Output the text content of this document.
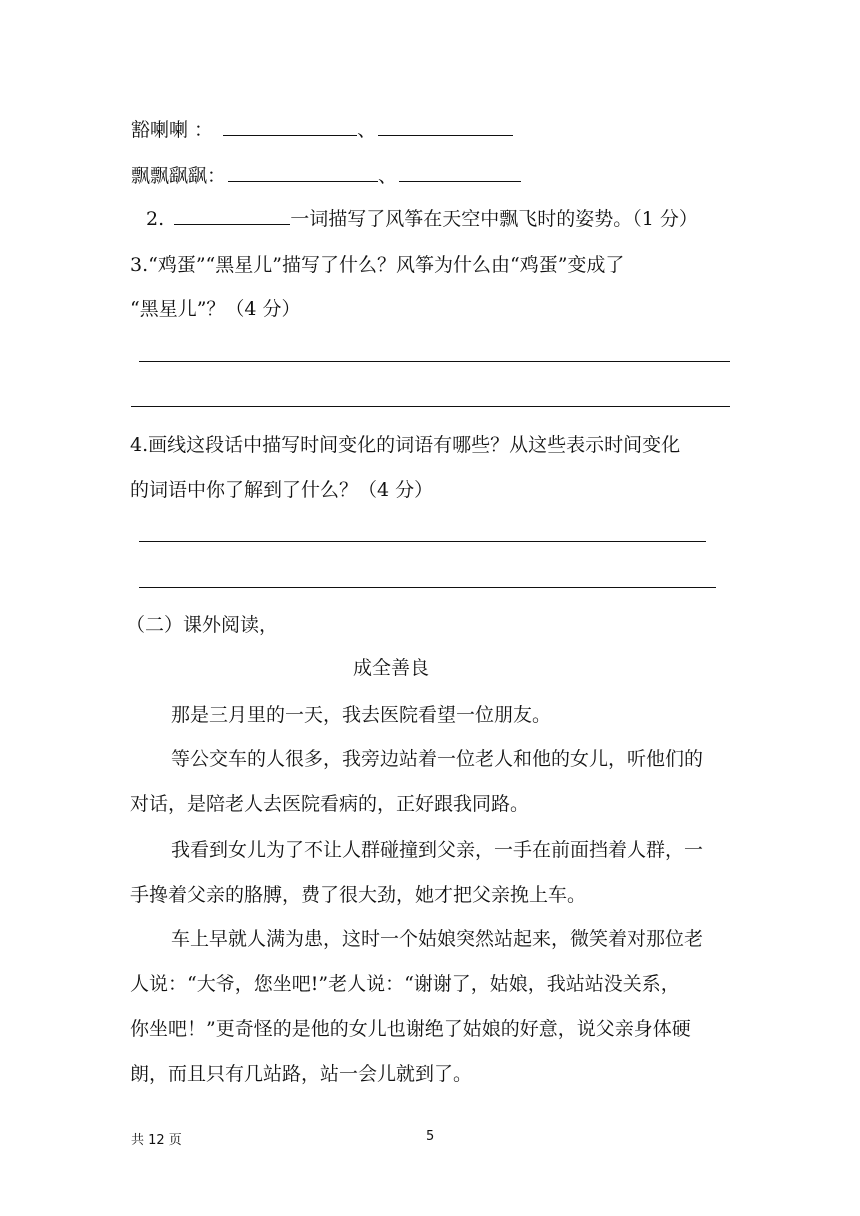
豁喇喇 ：	、
飘飘飖飖：	、
2.	一词描写了风筝在天空中飘飞时的姿势。（1 分）
3.“鸡蛋”“黑星儿”描写了什么？风筝为什么由“鸡蛋”变成了
“黑星儿”？（4 分）
4.画线这段话中描写时间变化的词语有哪些？从这些表示时间变化
的词语中你了解到了什么？（4 分）
（二）课外阅读，
成全善良
那是三月里的一天，我去医院看望一位朋友。
等公交车的人很多，我旁边站着一位老人和他的女儿，听他们的
对话，是陪老人去医院看病的，正好跟我同路。
我看到女儿为了不让人群碰撞到父亲，一手在前面挡着人群，一
手搀着父亲的胳膊，费了很大劲，她才把父亲挽上车。
车上早就人满为患，这时一个姑娘突然站起来，微笑着对那位老
人说：“大爷，您坐吧!”老人说：“谢谢了，姑娘，我站站没关系，
你坐吧！”更奇怪的是他的女儿也谢绝了姑娘的好意，说父亲身体硬
朗，而且只有几站路，站一会儿就到了。
共 12 页	5
